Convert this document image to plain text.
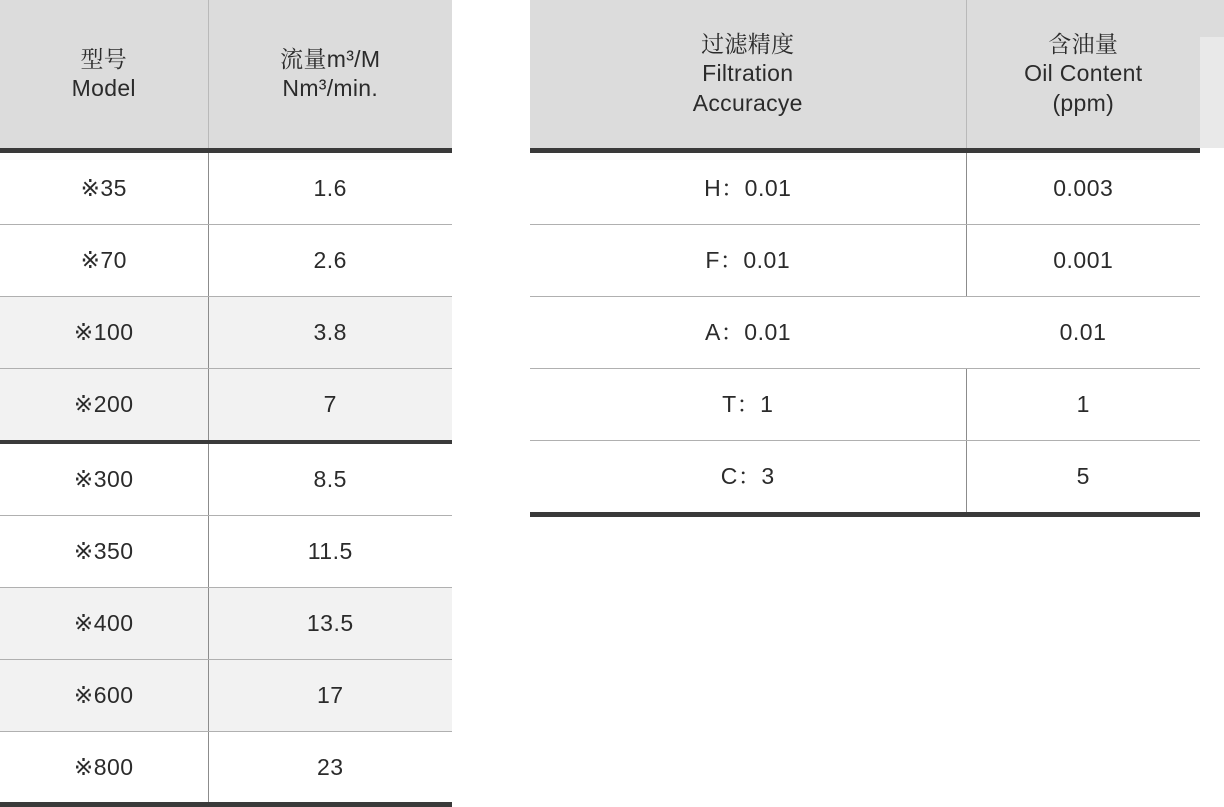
型号
Model	流量m³/M
Nm³/min.

※35	1.6
※70	2.6
※100	3.8
※200	7
※300	8.5
※350	11.5
※400	13.5
※600	17
※800	23
过滤精度
Filtration
Accuracye	含油量
Oil Content
(ppm)

H：0.01	0.003
F：0.01	0.001
A：0.01	0.01
T：1	1
C：3	5
